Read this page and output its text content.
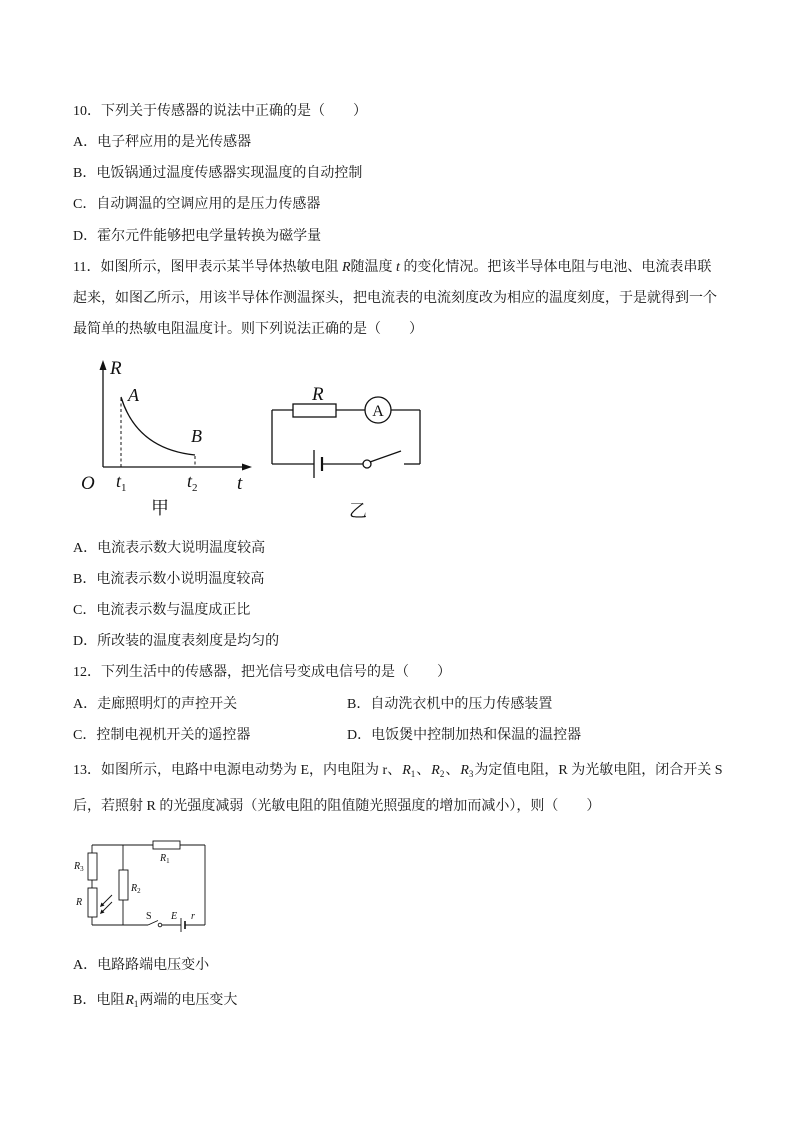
10．下列关于传感器的说法中正确的是（　　）
A．电子秤应用的是光传感器
B．电饭锅通过温度传感器实现温度的自动控制
C．自动调温的空调应用的是压力传感器
D．霍尔元件能够把电学量转换为磁学量
11．如图所示，图甲表示某半导体热敏电阻 R随温度 t 的变化情况。把该半导体电阻与电池、电流表串联
起来，如图乙所示，用该半导体作测温探头，把电流表的电流刻度改为相应的温度刻度，于是就得到一个
最简单的热敏电阻温度计。则下列说法正确的是（　　）
R
A
B
O $t_1$	$t_2$ t
甲
R
A
乙
A．电流表示数大说明温度较高
B．电流表示数小说明温度较高
C．电流表示数与温度成正比
D．所改装的温度表刻度是均匀的
12．下列生活中的传感器，把光信号变成电信号的是（　　）
A．走廊照明灯的声控开关	B．自动洗衣机中的压力传感装置
C．控制电视机开关的遥控器	D．电饭煲中控制加热和保温的温控器
13．如图所示，电路中电源电动势为 E，内电阻为 r、$R_1$、$R_2$、$R_3$为定值电阻，R 为光敏电阻，闭合开关 S
后，若照射 R 的光强度减弱（光敏电阻的阻值随光照强度的增加而减小），则（　　）
$R_3$
R
$R_2$
$R_1$
S E r
A．电路路端电压变小
B．电阻$R_1$两端的电压变大
